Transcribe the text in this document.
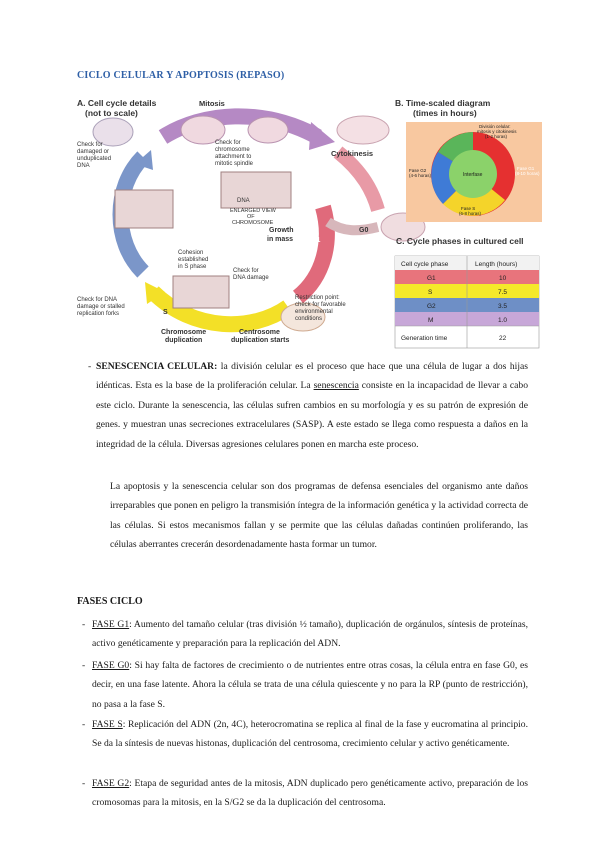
CICLO CELULAR Y APOPTOSIS (REPASO)
A. Cell cycle details
(not to scale)
Mitosis
Cytokinesis
G2
G1
G0
S
Growth
in mass
DNA
ENLARGED VIEW
OF
CHROMOSOME
Check for
chromosome
attachment to
mitotic spindle
Check for
damaged or
unduplicated
DNA
Cohesion
established
in S phase
Check for
DNA damage
Check for DNA
damage or stalled
replication forks
Restriction point:
check for favorable
environmental
conditions
Chromosome
duplication
Centrosome
duplication starts
B. Time-scaled diagram
(times in hours)
División celular:
mitosis y citokinesis
(1-2 horas)
Fase G1
(8-10 horas)
Fase G2
(4-6 horas)
Fase S
(6-8 horas)
Interfase
C. Cycle phases in cultured cell
Cell cycle phase	Length (hours)
G1	10
S	7.5
G2	3.5
M	1.0
Generation time	22
- SENESCENCIA CELULAR: la división celular es el proceso que hace que una célula de lugar a dos hijas idénticas. Esta es la base de la proliferación celular. La senescencia consiste en la incapacidad de llevar a cabo este ciclo. Durante la senescencia, las células sufren cambios en su morfología y es su patrón de expresión de genes. y muestran unas secreciones extracelulares (SASP). A este estado se llega como respuesta a daños en la integridad de la célula. Diversas agresiones celulares ponen en marcha este proceso.
La apoptosis y la senescencia celular son dos programas de defensa esenciales del organismo ante daños irreparables que ponen en peligro la transmisión íntegra de la información genética y la actividad correcta de las células. Si estos mecanismos fallan y se permite que las células dañadas continúen proliferando, las células aberrantes crecerán desordenadamente hasta formar un tumor.
FASES CICLO
- FASE G1: Aumento del tamaño celular (tras división ½ tamaño), duplicación de orgánulos, síntesis de proteínas, activo genéticamente y preparación para la replicación del ADN.
- FASE G0: Si hay falta de factores de crecimiento o de nutrientes entre otras cosas, la célula entra en fase G0, es decir, en una fase latente. Ahora la célula se trata de una célula quiescente y no para la RP (punto de restricción), no pasa a la fase S.
- FASE S: Replicación del ADN (2n, 4C), heterocromatina se replica al final de la fase y eucromatina al principio. Se da la síntesis de nuevas histonas, duplicación del centrosoma, crecimiento celular y activo genéticamente.
- FASE G2: Etapa de seguridad antes de la mitosis, ADN duplicado pero genéticamente activo, preparación de los cromosomas para la mitosis, en la S/G2 se da la duplicación del centrosoma.
